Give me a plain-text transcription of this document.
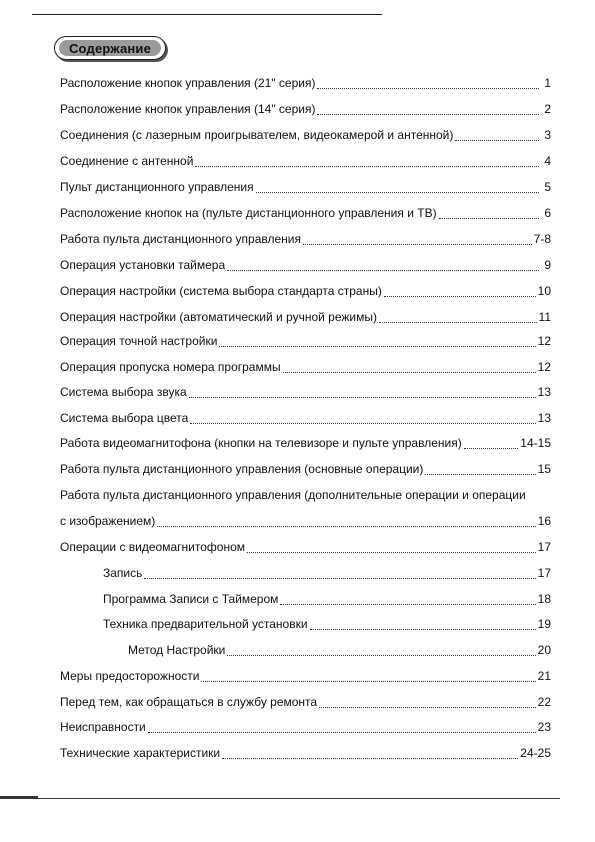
Содержание
Расположение кнопок управления (21" серия)	1
Расположение кнопок управления (14" серия)	2
Соединения (с лазерным проигрывателем, видеокамерой и антенной)	3
Соединение с антенной	4
Пульт дистанционного управления	5
Расположение кнопок на (пульте дистанционного управления и ТВ)	6
Работа пульта дистанционного управления	7-8
Операция установки таймера	9
Операция настройки (система выбора стандарта страны)	10
Операция настройки (автоматический и ручной режимы)	11
Операция точной настройки	12
Операция пропуска номера программы	12
Система выбора звука	13
Система выбора цвета	13
Работа видеомагнитофона (кнопки на телевизоре и пульте управления)	14-15
Работа пульта дистанционного управления (основные операции)	15
Работа пульта дистанционного управления (дополнительные операции и операции
с изображением)	16
Операции с видеомагнитофоном	17
Запись	17
Программа Записи с Таймером	18
Техника предварительной установки	19
Метод Настройки	20
Меры предосторожности	21
Перед тем, как обращаться в службу ремонта	22
Неисправности	23
Технические характеристики	24-25
